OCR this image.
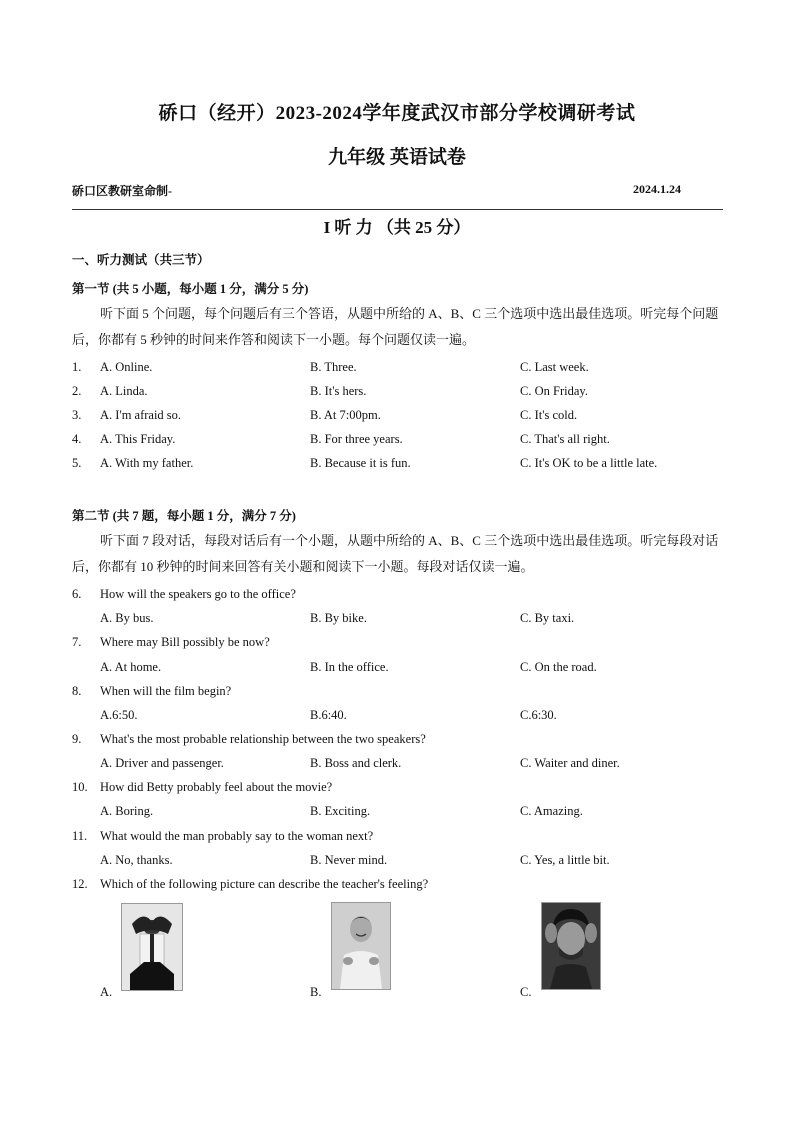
硚口（经开）2023-2024学年度武汉市部分学校调研考试
九年级 英语试卷
硚口区教研室命制-	2024.1.24
I 听 力 （共 25 分）
一、听力测试（共三节）
第一节 (共 5 小题，每小题 1 分，满分 5 分)
听下面 5 个问题，每个问题后有三个答语，从题中所给的 A、B、C 三个选项中选出最佳选项。听完每个问题后，你都有 5 秒钟的时间来作答和阅读下一小题。每个问题仅读一遍。
1. A. Online.	B. Three.	C. Last week.
2. A. Linda.	B. It's hers.	C. On Friday.
3. A. I'm afraid so.	B. At 7:00pm.	C. It's cold.
4. A. This Friday.	B. For three years.	C. That's all right.
5. A. With my father.	B. Because it is fun.	C. It's OK to be a little late.
第二节 (共 7 题，每小题 1 分，满分 7 分)
听下面 7 段对话，每段对话后有一个小题，从题中所给的 A、B、C 三个选项中选出最佳选项。听完每段对话后，你都有 10 秒钟的时间来回答有关小题和阅读下一小题。每段对话仅读一遍。
6. How will the speakers go to the office?
A. By bus.	B. By bike.	C. By taxi.
7. Where may Bill possibly be now?
A. At home.	B. In the office.	C. On the road.
8. When will the film begin?
A.6:50.	B.6:40.	C.6:30.
9. What's the most probable relationship between the two speakers?
A. Driver and passenger.	B. Boss and clerk.	C. Waiter and diner.
10. How did Betty probably feel about the movie?
A. Boring.	B. Exciting.	C. Amazing.
11. What would the man probably say to the woman next?
A. No, thanks.	B. Never mind.	C. Yes, a little bit.
12. Which of the following picture can describe the teacher's feeling?
A.	B.	C.
